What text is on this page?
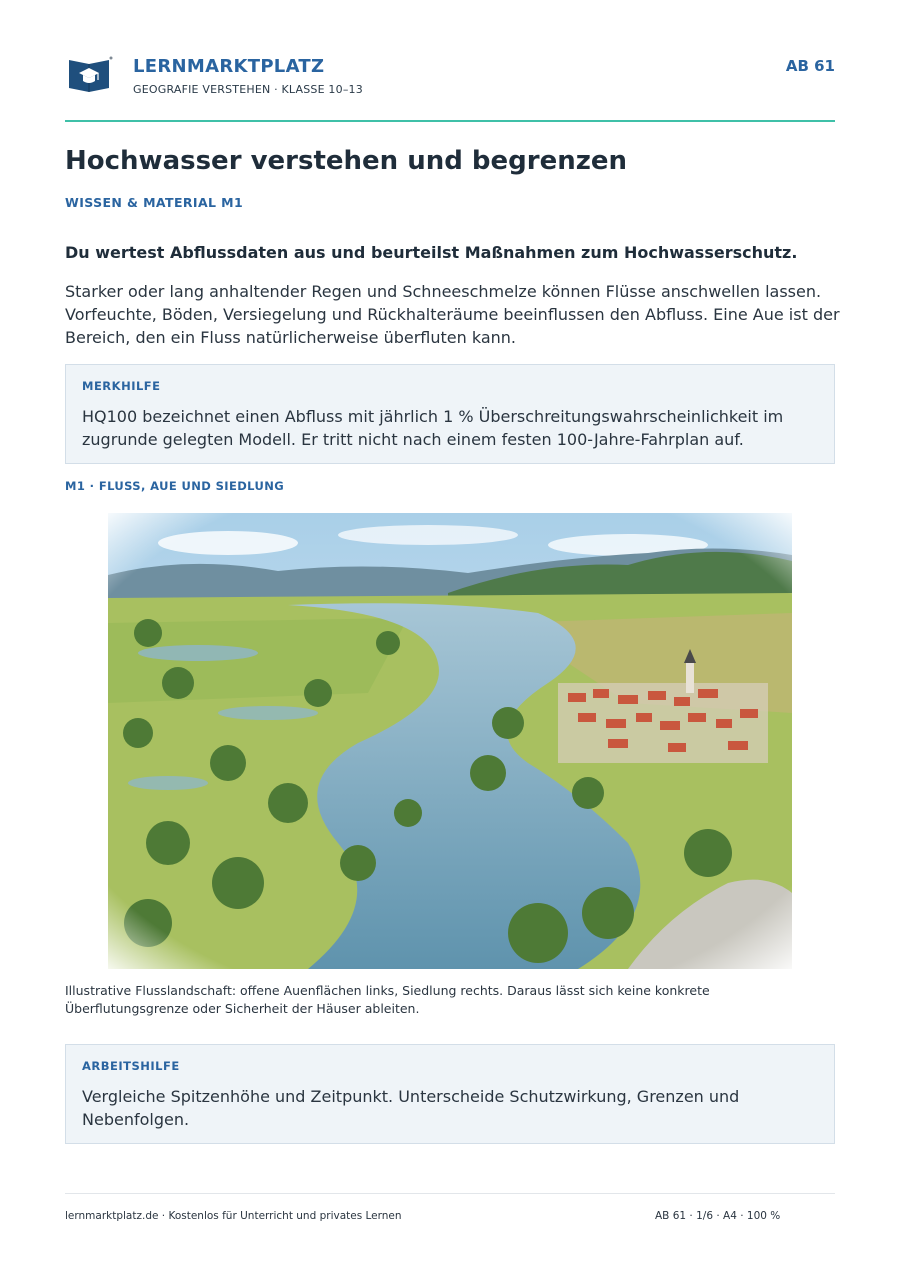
LERNMARKTPLATZ
GEOGRAFIE VERSTEHEN · KLASSE 10–13
AB 61
Hochwasser verstehen und begrenzen
WISSEN & MATERIAL M1

Du wertest Abflussdaten aus und beurteilst Maßnahmen zum Hochwasserschutz.

Starker oder lang anhaltender Regen und Schneeschmelze können Flüsse anschwellen lassen. Vorfeuchte, Böden, Versiegelung und Rückhalteräume beeinflussen den Abfluss. Eine Aue ist der Bereich, den ein Fluss natürlicherweise überfluten kann.

MERKHILFE

HQ100 bezeichnet einen Abfluss mit jährlich 1 % Überschreitungswahrscheinlichkeit im zugrunde gelegten Modell. Er tritt nicht nach einem festen 100-Jahre-Fahrplan auf.

M1 · FLUSS, AUE UND SIEDLUNG

Illustrative Flusslandschaft: offene Auenflächen links, Siedlung rechts. Daraus lässt sich keine konkrete Überflutungsgrenze oder Sicherheit der Häuser ableiten.

ARBEITSHILFE

Vergleiche Spitzenhöhe und Zeitpunkt. Unterscheide Schutzwirkung, Grenzen und Nebenfolgen.

lernmarktplatz.de · Kostenlos für Unterricht und privates Lernen	AB 61 · 1/6 · A4 · 100 %
